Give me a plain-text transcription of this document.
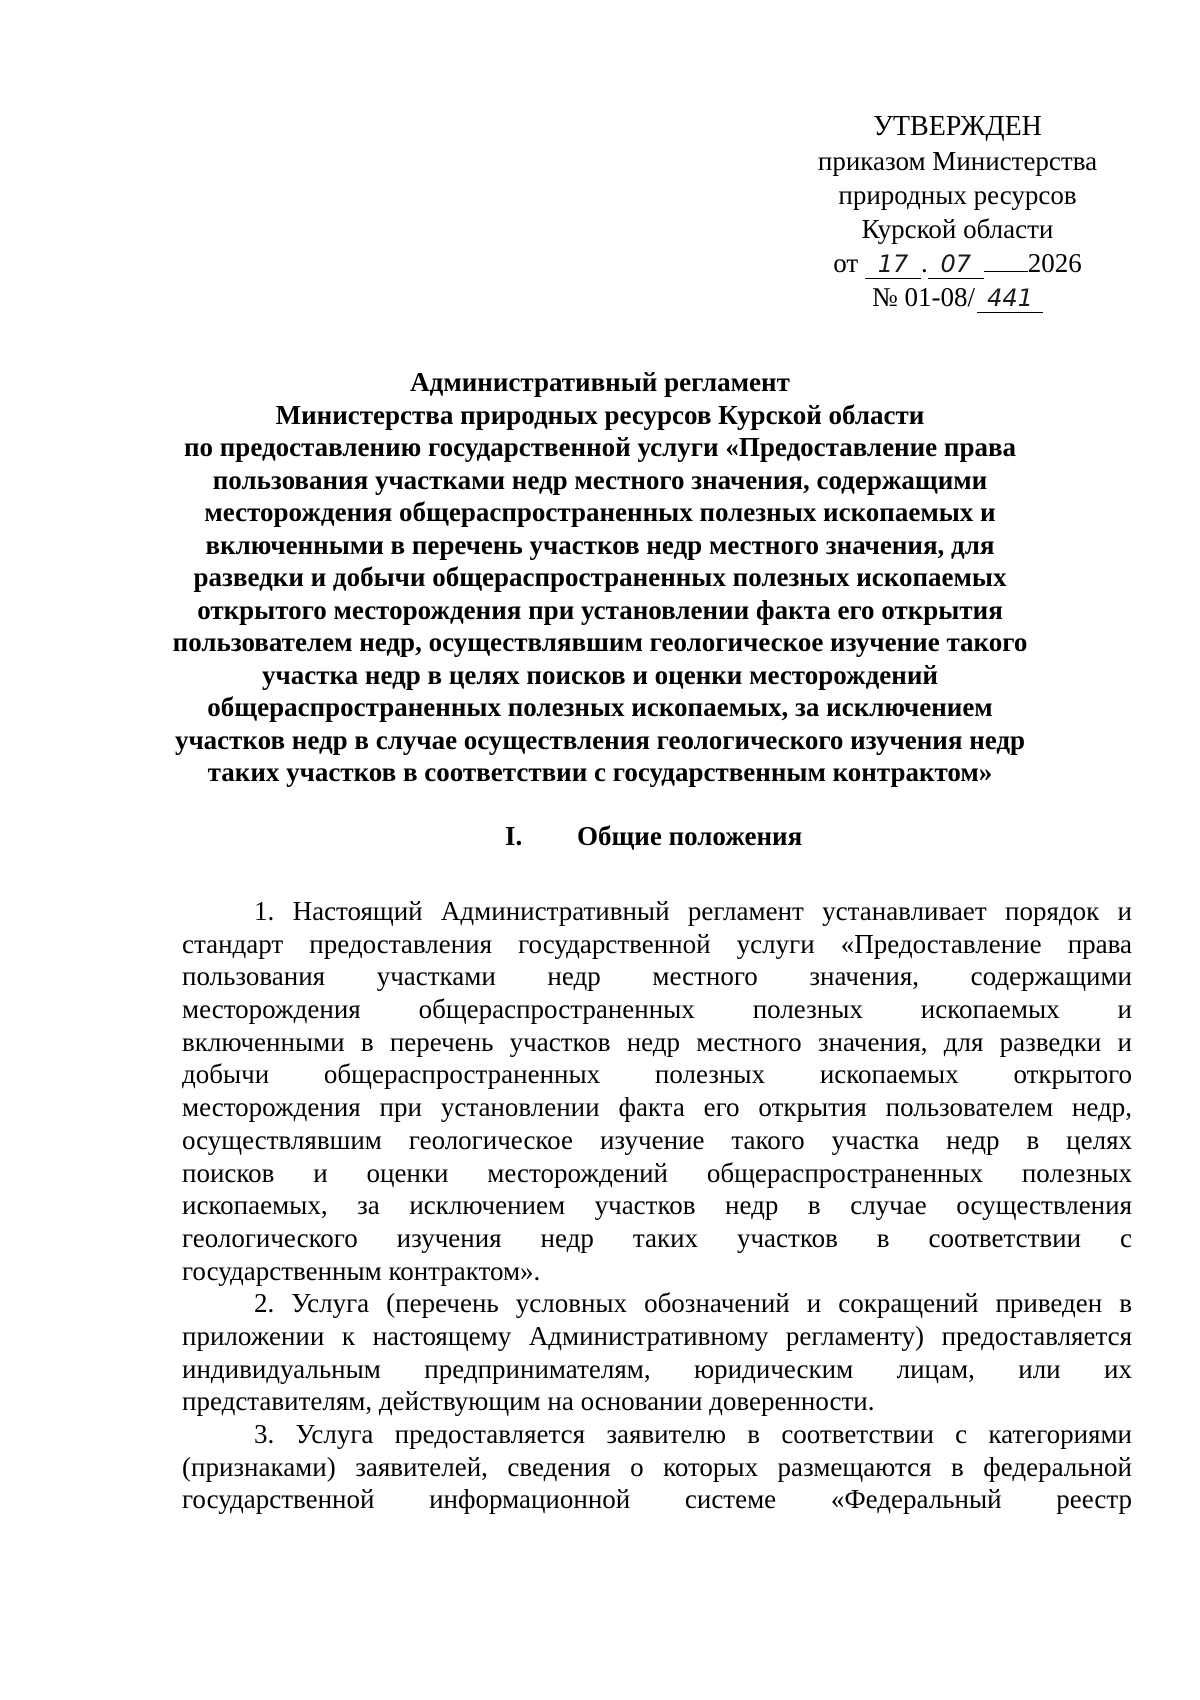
УТВЕРЖДЕН
приказом Министерства
природных ресурсов
Курской области
от 17 . 07 2026
№ 01-08/ 441
Административный регламент
Министерства природных ресурсов Курской области
по предоставлению государственной услуги «Предоставление права
пользования участками недр местного значения, содержащими
месторождения общераспространенных полезных ископаемых и
включенными в перечень участков недр местного значения, для
разведки и добычи общераспространенных полезных ископаемых
открытого месторождения при установлении факта его открытия
пользователем недр, осуществлявшим геологическое изучение такого
участка недр в целях поисков и оценки месторождений
общераспространенных полезных ископаемых, за исключением
участков недр в случае осуществления геологического изучения недр
таких участков в соответствии с государственным контрактом»
I. Общие положения
1. Настоящий Административный регламент устанавливает порядок и
стандарт предоставления государственной услуги «Предоставление права
пользования участками недр местного значения, содержащими
месторождения общераспространенных полезных ископаемых и
включенными в перечень участков недр местного значения, для разведки и
добычи общераспространенных полезных ископаемых открытого
месторождения при установлении факта его открытия пользователем недр,
осуществлявшим геологическое изучение такого участка недр в целях
поисков и оценки месторождений общераспространенных полезных
ископаемых, за исключением участков недр в случае осуществления
геологического изучения недр таких участков в соответствии с
государственным контрактом».
2. Услуга (перечень условных обозначений и сокращений приведен в
приложении к настоящему Административному регламенту) предоставляется
индивидуальным предпринимателям, юридическим лицам, или их
представителям, действующим на основании доверенности.
3. Услуга предоставляется заявителю в соответствии с категориями
(признаками) заявителей, сведения о которых размещаются в федеральной
государственной информационной системе «Федеральный реестр
